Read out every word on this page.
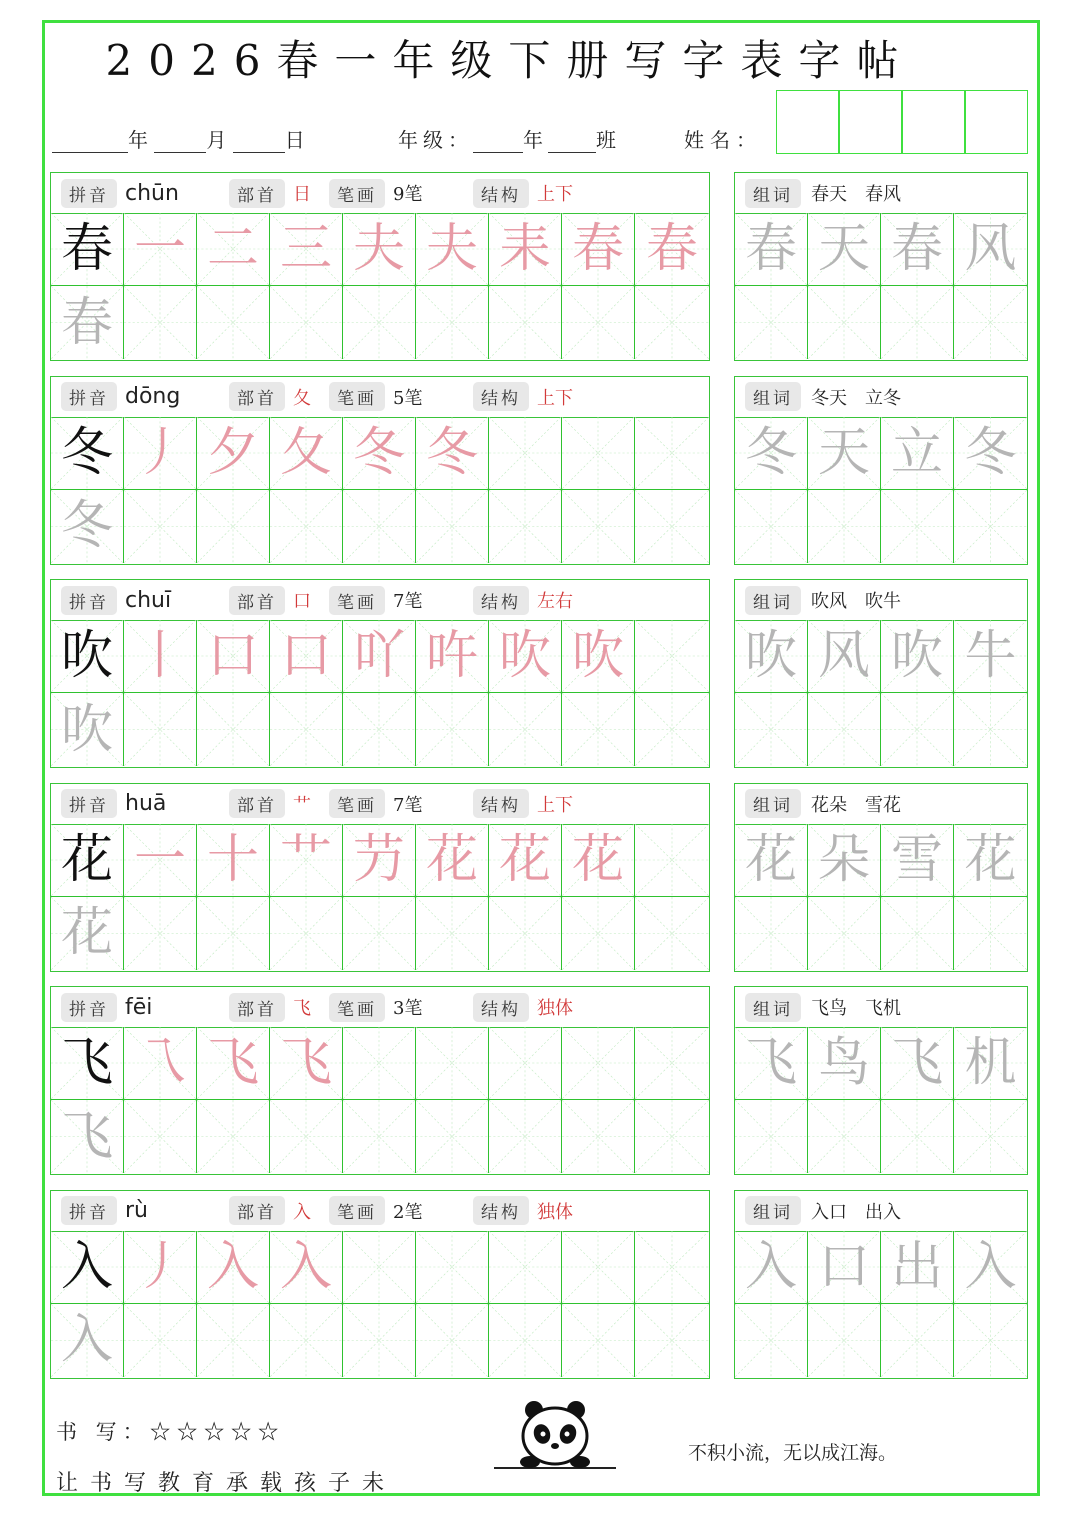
2026春一年级下册写字表字帖
年	月	日	年级：	年 班	姓名：
拼音 chūn	部首 日	笔画 9笔	结构 上下
春 一 二 三 夫 夫 耒 春 春
春
组词	春天　春风
春 天 春 风
拼音 dōng	部首 夂	笔画 5笔	结构 上下
冬 丿 夕 夂 冬 冬
冬
组词	冬天　立冬
冬 天 立 冬
拼音 chuī	部首 口	笔画 7笔	结构 左右
吹 丨 口 口 吖 吘 吹 吹
吹
组词	吹风　吹牛
吹 风 吹 牛
拼音 huā	部首 艹	笔画 7笔	结构 上下
花 一 十 艹 芀 花 花 花
花
组词	花朵　雪花
花 朵 雪 花
拼音 fēi	部首 飞	笔画 3笔	结构 独体
飞 乁 飞 飞
飞
组词	飞鸟　飞机
飞 鸟 飞 机
拼音 rù	部首 入	笔画 2笔	结构 独体
入 丿 入 入
入
组词	入口　出入
入 口 出 入
书 写：☆☆☆☆☆
让书写教育承载孩子未
不积小流，无以成江海。
